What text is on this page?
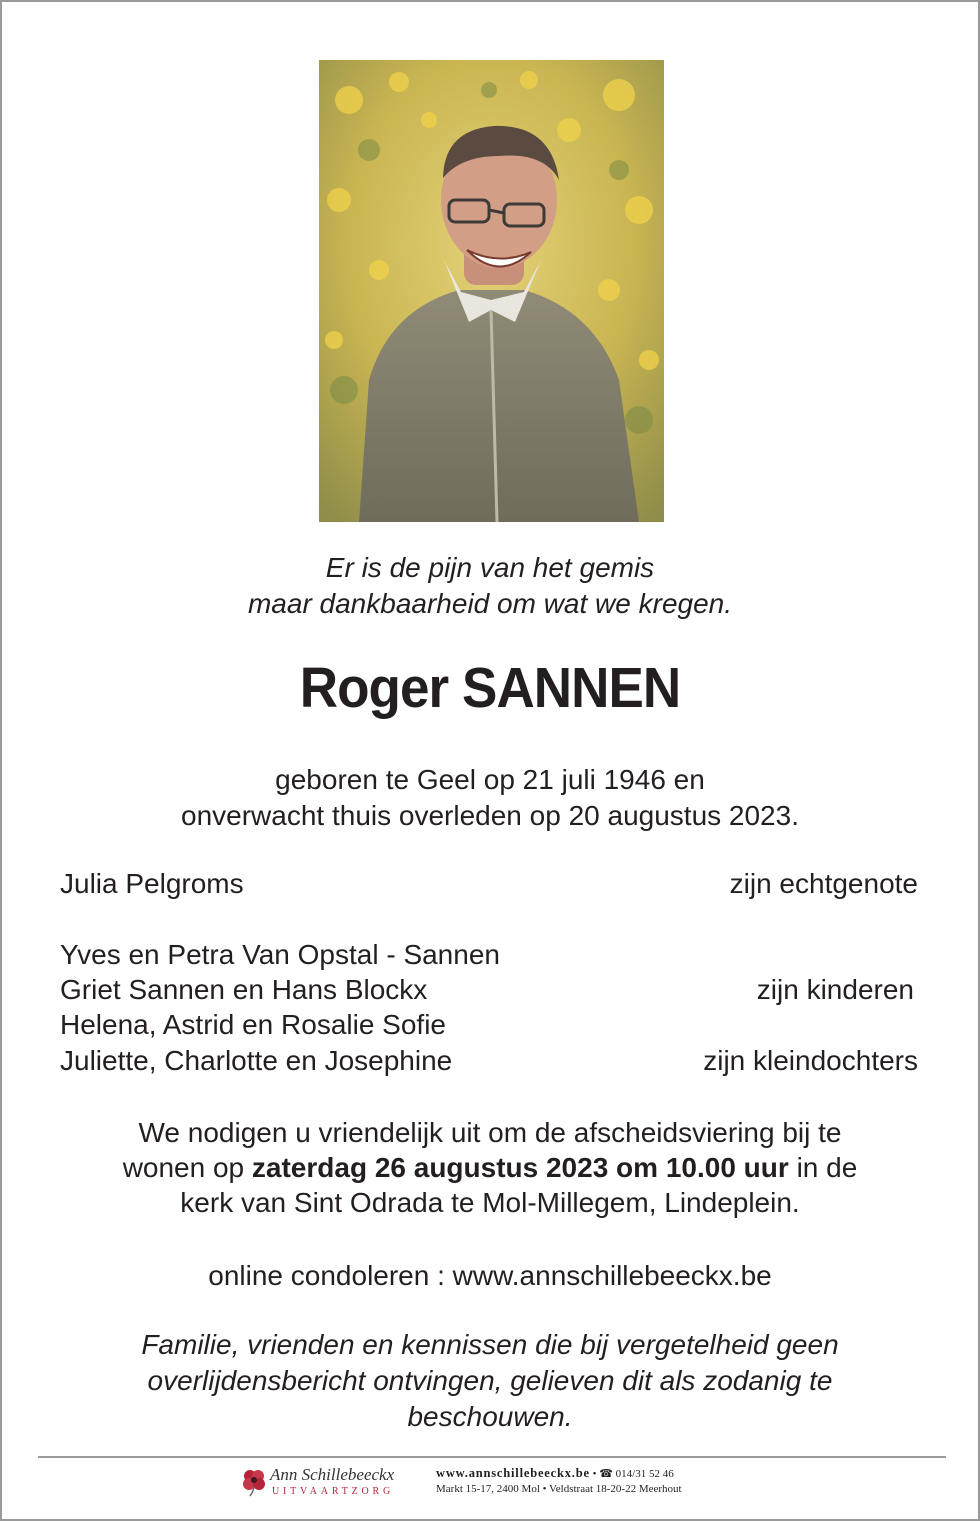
Er is de pijn van het gemis
maar dankbaarheid om wat we kregen.
Roger SANNEN
geboren te Geel op 21 juli 1946 en
onverwacht thuis overleden op 20 augustus 2023.
Julia Pelgroms	zijn echtgenote
Yves en Petra Van Opstal - Sannen
Griet Sannen en Hans Blockx	zijn kinderen
Helena, Astrid en Rosalie Sofie
Juliette, Charlotte en Josephine	zijn kleindochters
We nodigen u vriendelijk uit om de afscheidsviering bij te
wonen op zaterdag 26 augustus 2023 om 10.00 uur in de
kerk van Sint Odrada te Mol-Millegem, Lindeplein.
online condoleren : www.annschillebeeckx.be
Familie, vrienden en kennissen die bij vergetelheid geen
overlijdensbericht ontvingen, gelieven dit als zodanig te
beschouwen.
Ann Schillebeeckx
UITVAARTZORG
www.annschillebeeckx.be • ☎ 014/31 52 46
Markt 15-17, 2400 Mol • Veldstraat 18-20-22 Meerhout
